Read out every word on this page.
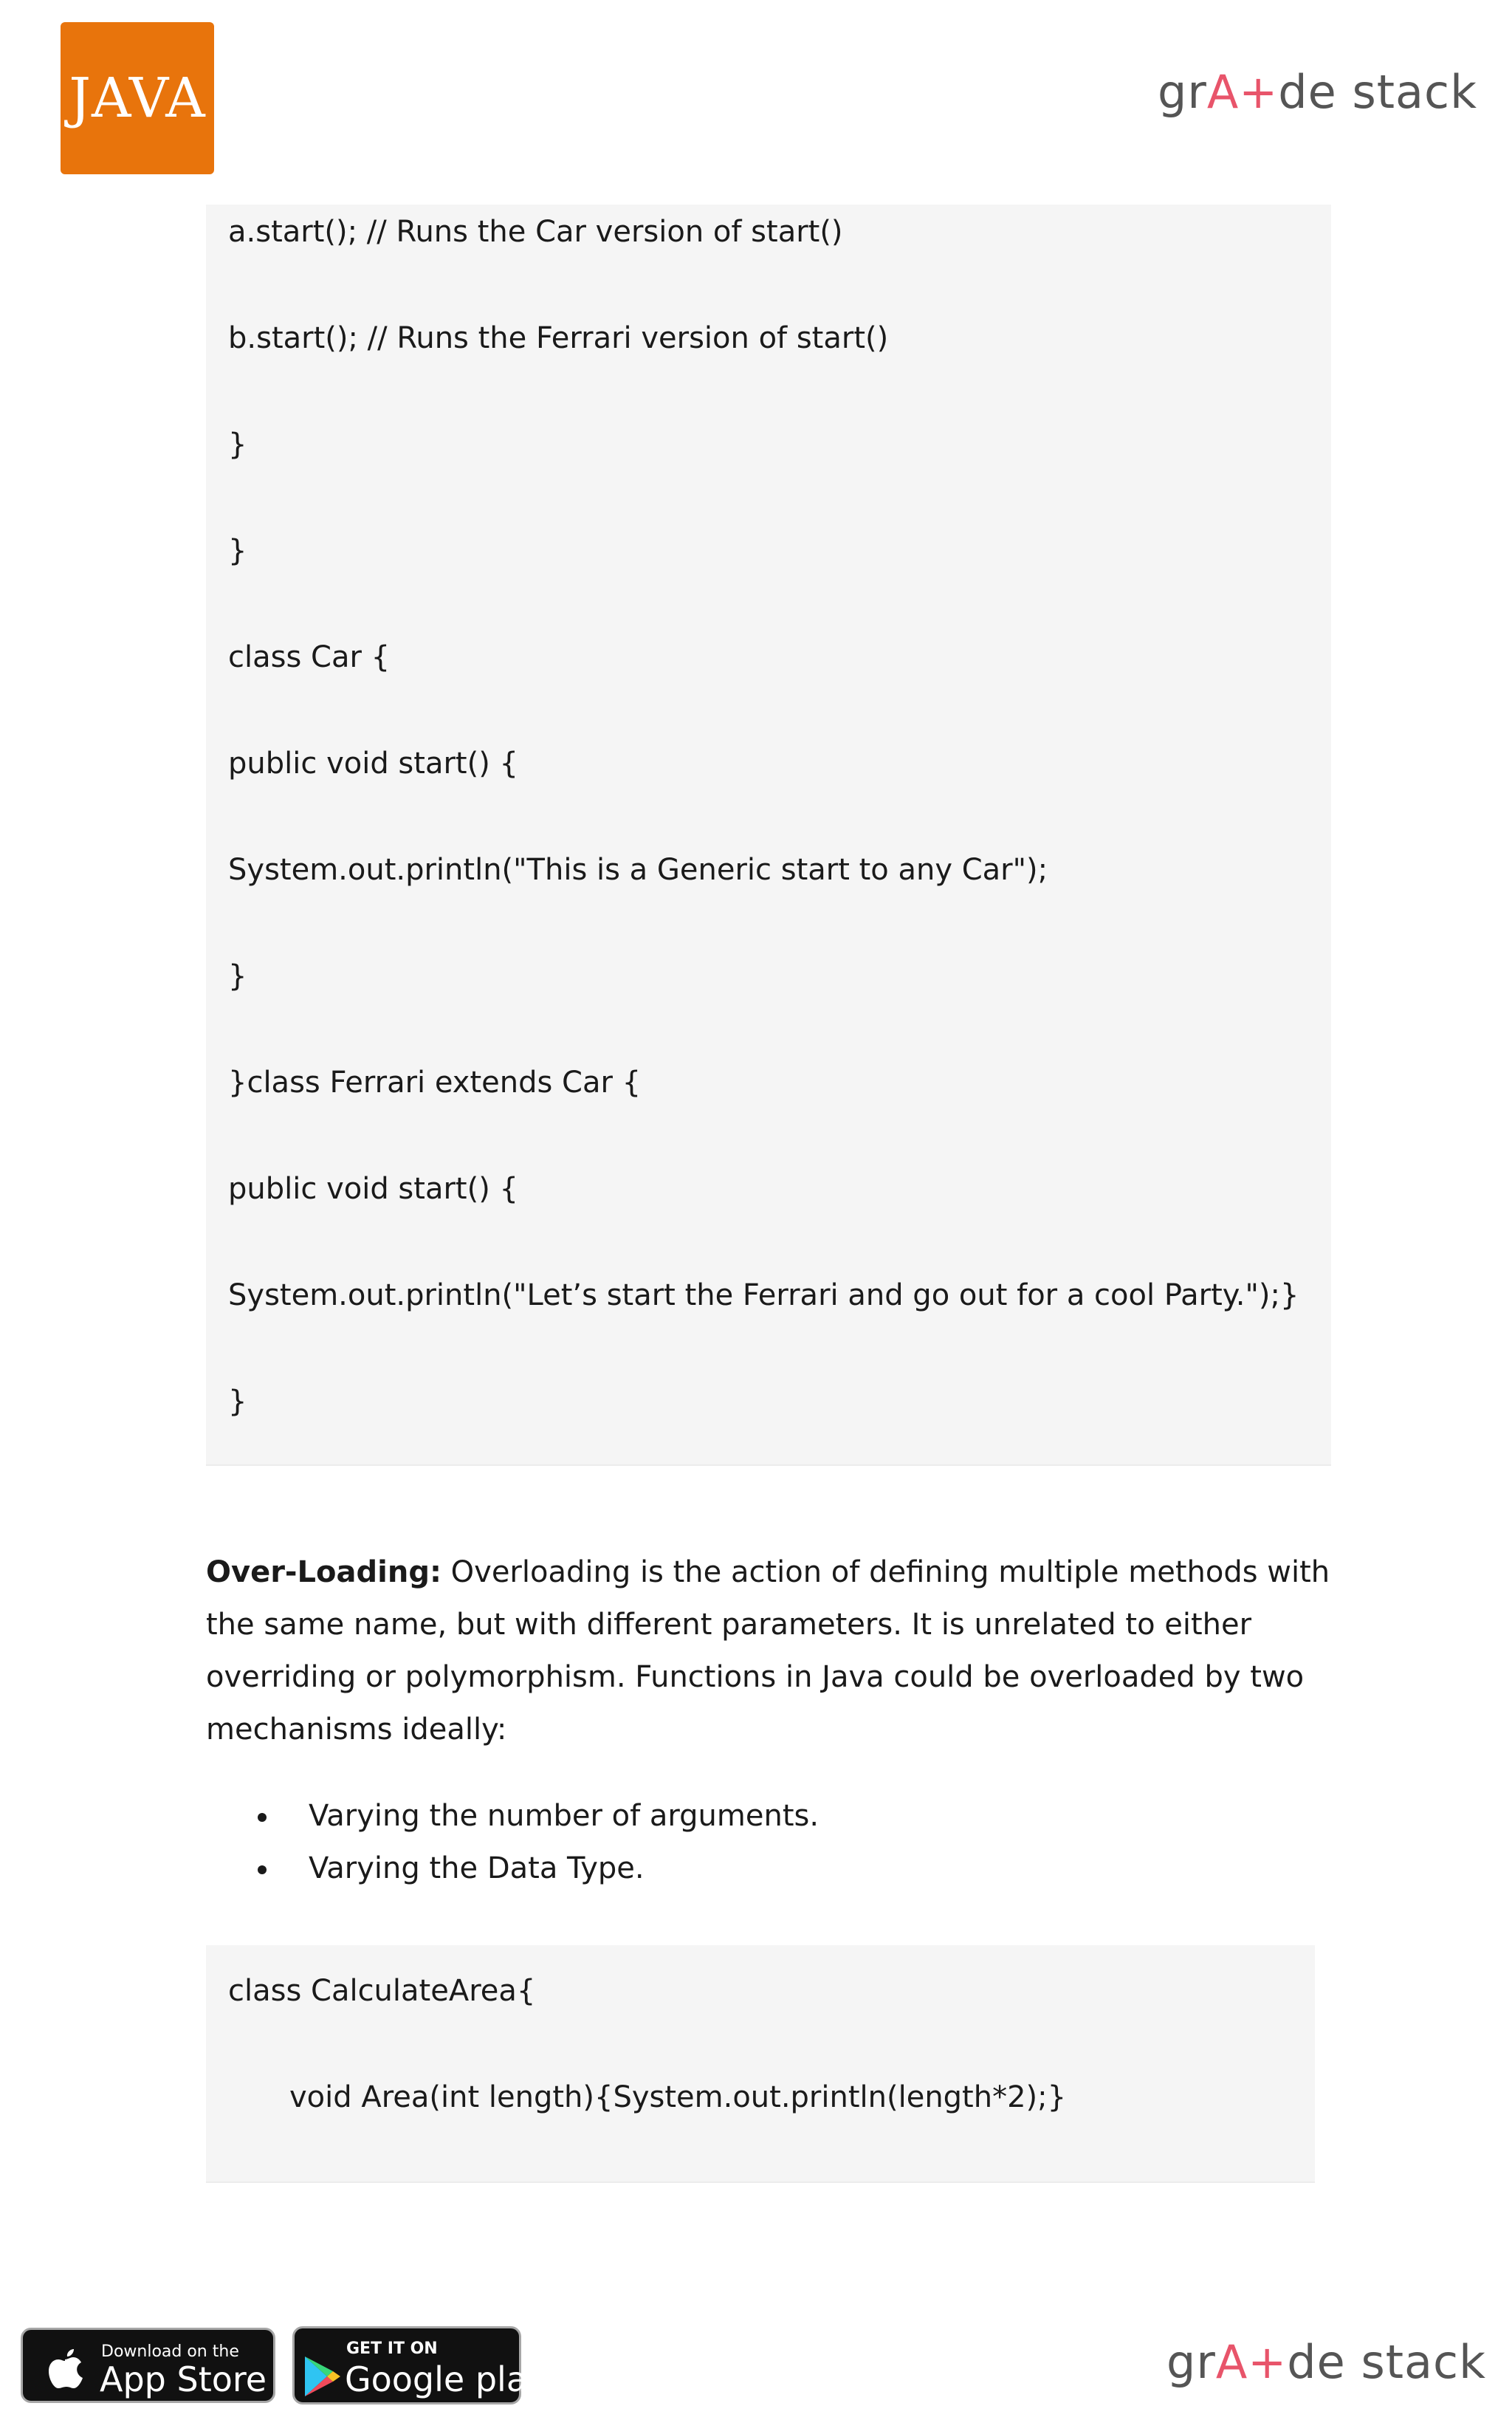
JAVA	grA+de stack
a.start(); // Runs the Car version of start()
b.start(); // Runs the Ferrari version of start()
}
}
class Car {
public void start() {
System.out.println("This is a Generic start to any Car");
}
}class Ferrari extends Car {
public void start() {
System.out.println("Let’s start the Ferrari and go out for a cool Party.");}
}
Over-Loading: Overloading is the action of defining multiple methods with the same name, but with different parameters. It is unrelated to either overriding or polymorphism. Functions in Java could be overloaded by two mechanisms ideally:
Varying the number of arguments.
Varying the Data Type.
class CalculateArea{
void Area(int length){System.out.println(length*2);}
Download on the
App Store
GET IT ON
Google play	grA+de stack
